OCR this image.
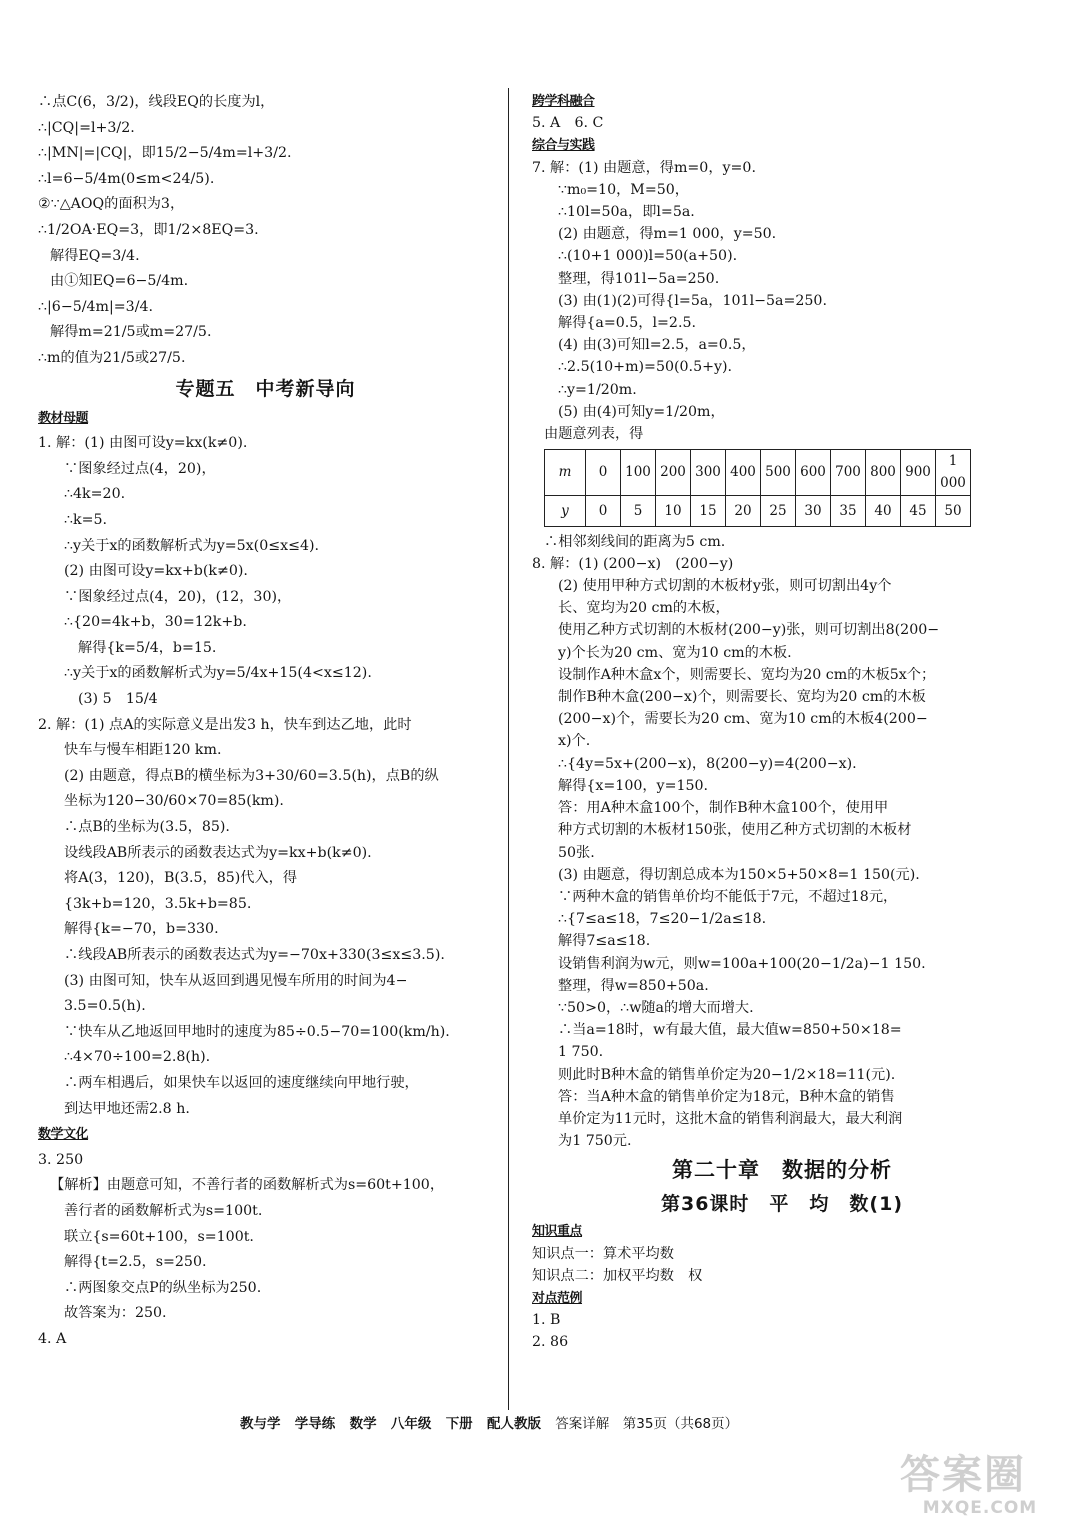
∴点C(6，3/2)，线段EQ的长度为l，
∴|CQ|=l+3/2.
∴|MN|=|CQ|，即15/2−5/4m=l+3/2.
∴l=6−5/4m(0≤m<24/5).
②∵△AOQ的面积为3，
∴1/2OA·EQ=3，即1/2×8EQ=3.
解得EQ=3/4.
由①知EQ=6−5/4m.
∴|6−5/4m|=3/4.
解得m=21/5或m=27/5.
∴m的值为21/5或27/5.
专题五　中考新导向
教材母题
1. 解：(1) 由图可设y=kx(k≠0).
∵图象经过点(4，20)，
∴4k=20.
∴k=5.
∴y关于x的函数解析式为y=5x(0≤x≤4).
(2) 由图可设y=kx+b(k≠0).
∵图象经过点(4，20)，(12，30)，
∴{20=4k+b，30=12k+b.
解得{k=5/4，b=15.
∴y关于x的函数解析式为y=5/4x+15(4<x≤12).
(3) 5　15/4
2. 解：(1) 点A的实际意义是出发3 h，快车到达乙地，此时
快车与慢车相距120 km.
(2) 由题意，得点B的横坐标为3+30/60=3.5(h)，点B的纵
坐标为120−30/60×70=85(km).
∴点B的坐标为(3.5，85).
设线段AB所表示的函数表达式为y=kx+b(k≠0).
将A(3，120)，B(3.5，85)代入，得
{3k+b=120，3.5k+b=85.
解得{k=−70，b=330.
∴线段AB所表示的函数表达式为y=−70x+330(3≤x≤3.5).
(3) 由图可知，快车从返回到遇见慢车所用的时间为4−
3.5=0.5(h).
∵快车从乙地返回甲地时的速度为85÷0.5−70=100(km/h).
∴4×70÷100=2.8(h).
∴两车相遇后，如果快车以返回的速度继续向甲地行驶，
到达甲地还需2.8 h.
数学文化
3. 250
【解析】由题意可知，不善行者的函数解析式为s=60t+100，
善行者的函数解析式为s=100t.
联立{s=60t+100，s=100t.
解得{t=2.5，s=250.
∴两图象交点P的纵坐标为250.
故答案为：250.
4. A
跨学科融合
5. A　6. C
综合与实践
7. 解：(1) 由题意，得m=0，y=0.
∵m₀=10，M=50，
∴10l=50a，即l=5a.
(2) 由题意，得m=1 000，y=50.
∴(10+1 000)l=50(a+50).
整理，得101l−5a=250.
(3) 由(1)(2)可得{l=5a，101l−5a=250.
解得{a=0.5，l=2.5.
(4) 由(3)可知l=2.5，a=0.5，
∴2.5(10+m)=50(0.5+y).
∴y=1/20m.
(5) 由(4)可知y=1/20m，
由题意列表，得
m	0	100	200	300	400	500	600	700	800	900	1 000
y	0	5	10	15	20	25	30	35	40	45	50
∴相邻刻线间的距离为5 cm.
8. 解：(1) (200−x)　(200−y)
(2) 使用甲种方式切割的木板材y张，则可切割出4y个
长、宽均为20 cm的木板，
使用乙种方式切割的木板材(200−y)张，则可切割出8(200−
y)个长为20 cm、宽为10 cm的木板.
设制作A种木盒x个，则需要长、宽均为20 cm的木板5x个；
制作B种木盒(200−x)个，则需要长、宽均为20 cm的木板
(200−x)个，需要长为20 cm、宽为10 cm的木板4(200−
x)个.
∴{4y=5x+(200−x)，8(200−y)=4(200−x).
解得{x=100，y=150.
答：用A种木盒100个，制作B种木盒100个，使用甲
种方式切割的木板材150张，使用乙种方式切割的木板材
50张.
(3) 由题意，得切割总成本为150×5+50×8=1 150(元).
∵两种木盒的销售单价均不能低于7元，不超过18元，
∴{7≤a≤18，7≤20−1/2a≤18.
解得7≤a≤18.
设销售利润为w元，则w=100a+100(20−1/2a)−1 150.
整理，得w=850+50a.
∵50>0，∴w随a的增大而增大.
∴当a=18时，w有最大值，最大值w=850+50×18=
1 750.
则此时B种木盒的销售单价定为20−1/2×18=11(元).
答：当A种木盒的销售单价定为18元，B种木盒的销售
单价定为11元时，这批木盒的销售利润最大，最大利润
为1 750元.
第二十章　数据的分析
第36课时　平　均　数(1)
知识重点
知识点一：算术平均数
知识点二：加权平均数　权
对点范例
1. B
2. 86
教与学 学导练 数学 八年级 下册 配人教版 答案详解　第35页（共68页）
答案圈
MXQE.COM
